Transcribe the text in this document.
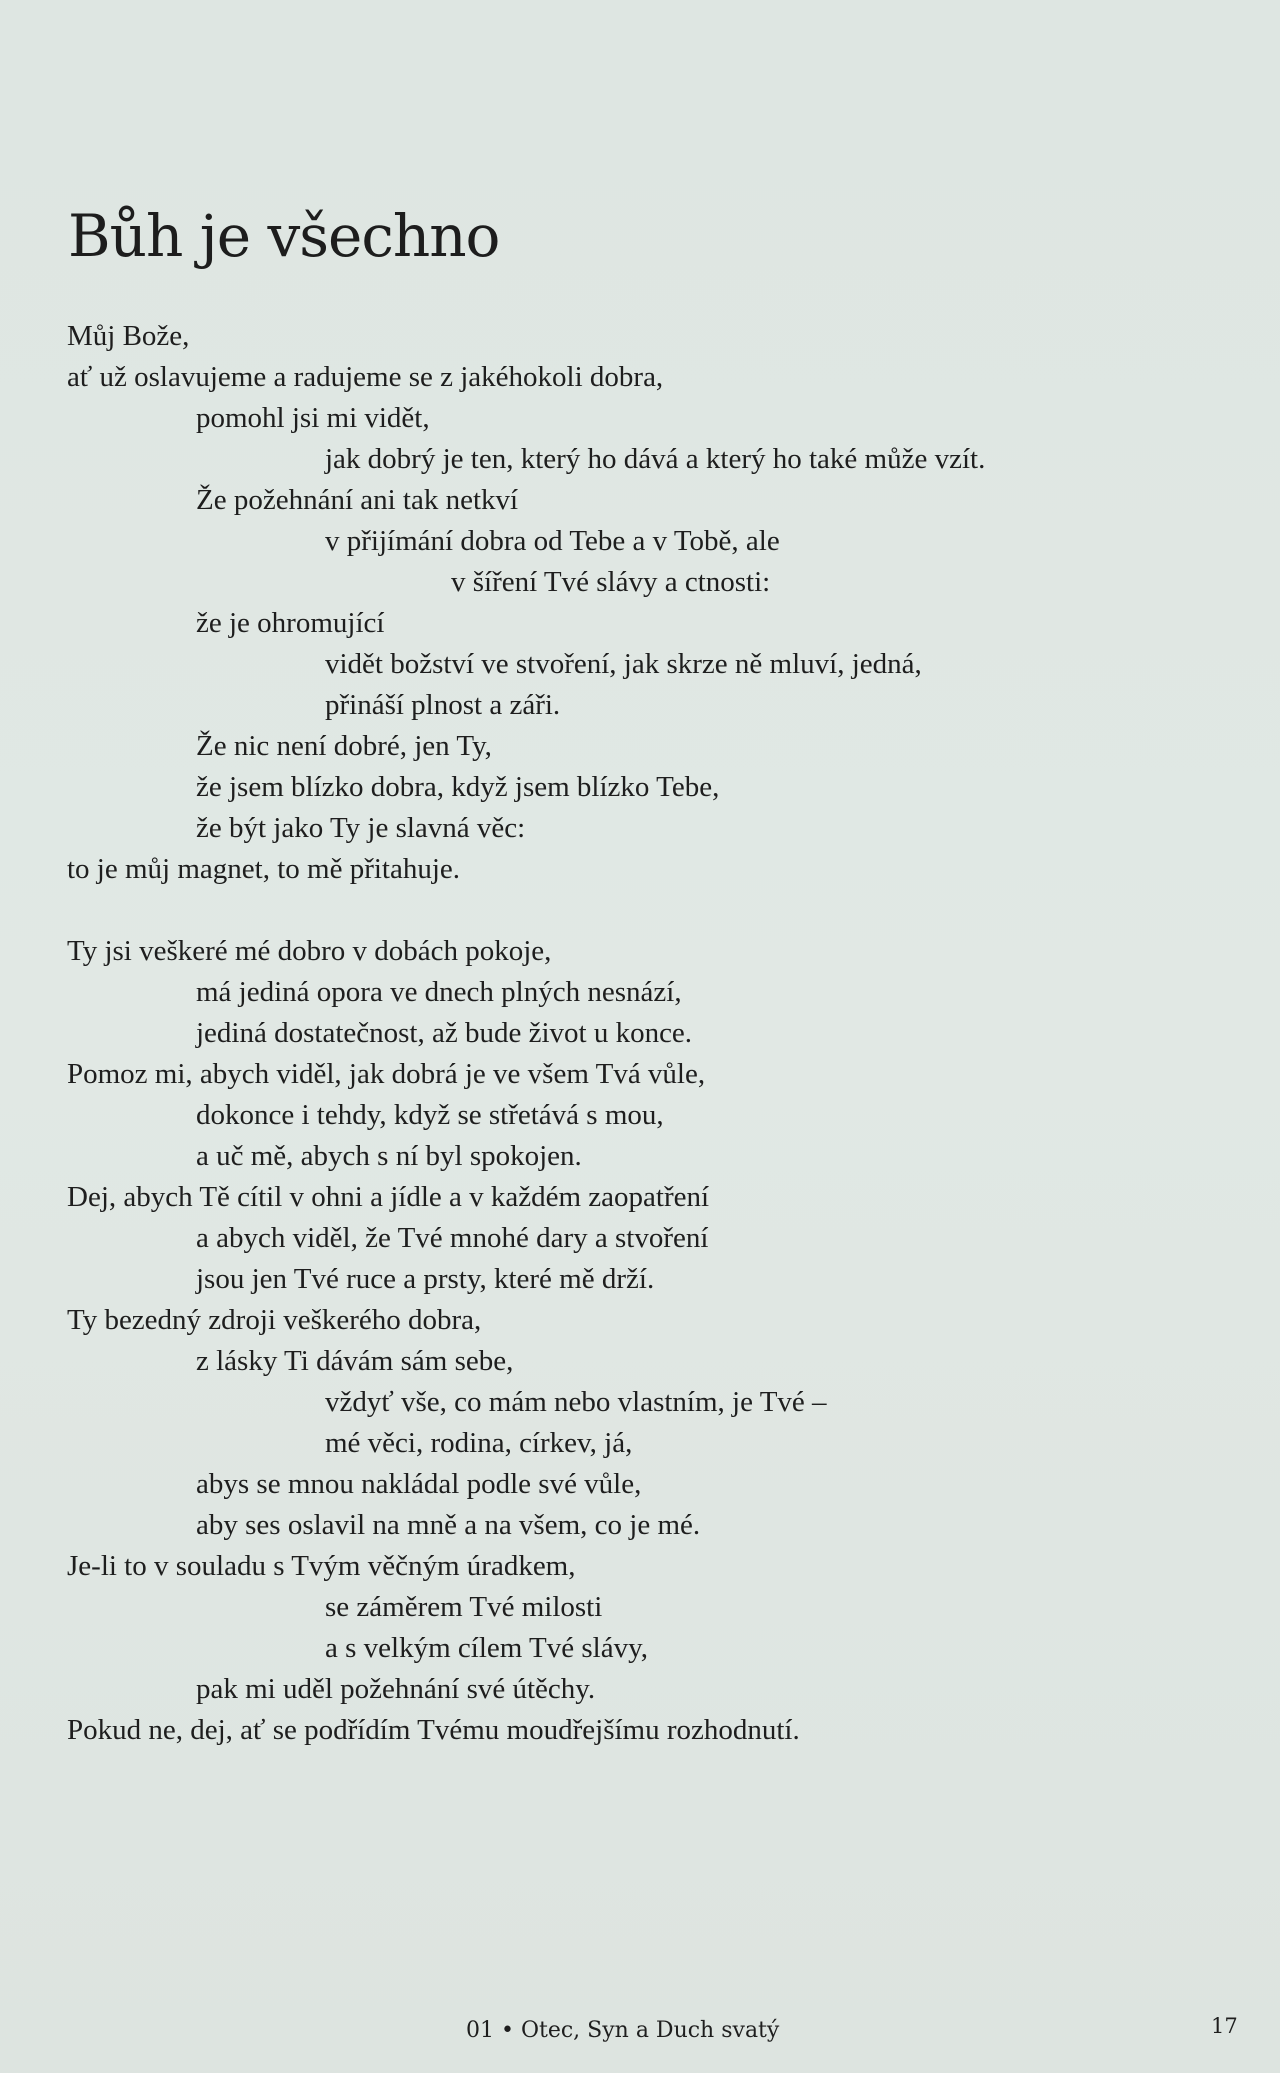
Bůh je všechno
Můj Bože,
ať už oslavujeme a radujeme se z jakéhokoli dobra,
pomohl jsi mi vidět,
jak dobrý je ten, který ho dává a který ho také může vzít.
Že požehnání ani tak netkví
v přijímání dobra od Tebe a v Tobě, ale
v šíření Tvé slávy a ctnosti:
že je ohromující
vidět božství ve stvoření, jak skrze ně mluví, jedná,
přináší plnost a záři.
Že nic není dobré, jen Ty,
že jsem blízko dobra, když jsem blízko Tebe,
že být jako Ty je slavná věc:
to je můj magnet, to mě přitahuje.
Ty jsi veškeré mé dobro v dobách pokoje,
má jediná opora ve dnech plných nesnází,
jediná dostatečnost, až bude život u konce.
Pomoz mi, abych viděl, jak dobrá je ve všem Tvá vůle,
dokonce i tehdy, když se střetává s mou,
a uč mě, abych s ní byl spokojen.
Dej, abych Tě cítil v ohni a jídle a v každém zaopatření
a abych viděl, že Tvé mnohé dary a stvoření
jsou jen Tvé ruce a prsty, které mě drží.
Ty bezedný zdroji veškerého dobra,
z lásky Ti dávám sám sebe,
vždyť vše, co mám nebo vlastním, je Tvé –
mé věci, rodina, církev, já,
abys se mnou nakládal podle své vůle,
aby ses oslavil na mně a na všem, co je mé.
Je-li to v souladu s Tvým věčným úradkem,
se záměrem Tvé milosti
a s velkým cílem Tvé slávy,
pak mi uděl požehnání své útěchy.
Pokud ne, dej, ať se podřídím Tvému moudřejšímu rozhodnutí.
01 • Otec, Syn a Duch svatý	17
